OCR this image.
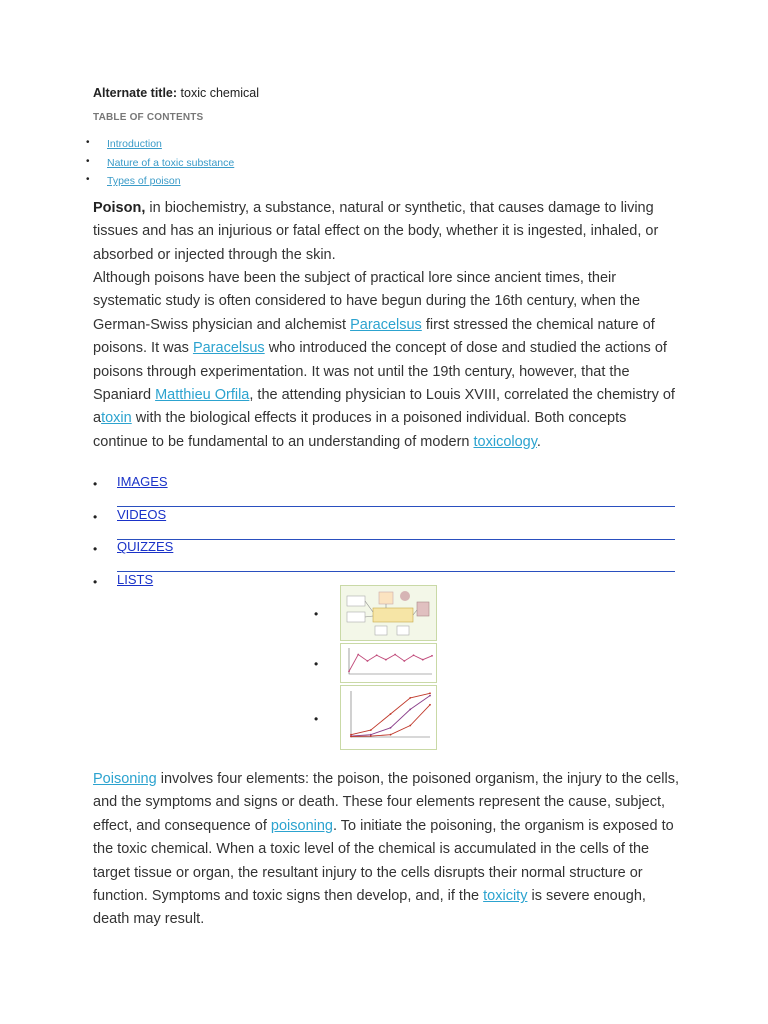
Alternate title: toxic chemical
TABLE OF CONTENTS
• Introduction
• Nature of a toxic substance
• Types of poison
Poison, in biochemistry, a substance, natural or synthetic, that causes damage to living tissues and has an injurious or fatal effect on the body, whether it is ingested, inhaled, or absorbed or injected through the skin.
Although poisons have been the subject of practical lore since ancient times, their systematic study is often considered to have begun during the 16th century, when the German-Swiss physician and alchemist Paracelsus first stressed the chemical nature of poisons. It was Paracelsus who introduced the concept of dose and studied the actions of poisons through experimentation. It was not until the 19th century, however, that the Spaniard Matthieu Orfila, the attending physician to Louis XVIII, correlated the chemistry of atoxin with the biological effects it produces in a poisoned individual. Both concepts continue to be fundamental to an understanding of modern toxicology.
• IMAGES
• VIDEOS
• QUIZZES
• LISTS
•
•
•
Poisoning involves four elements: the poison, the poisoned organism, the injury to the cells, and the symptoms and signs or death. These four elements represent the cause, subject, effect, and consequence of poisoning. To initiate the poisoning, the organism is exposed to the toxic chemical. When a toxic level of the chemical is accumulated in the cells of the target tissue or organ, the resultant injury to the cells disrupts their normal structure or function. Symptoms and toxic signs then develop, and, if the toxicity is severe enough, death may result.
